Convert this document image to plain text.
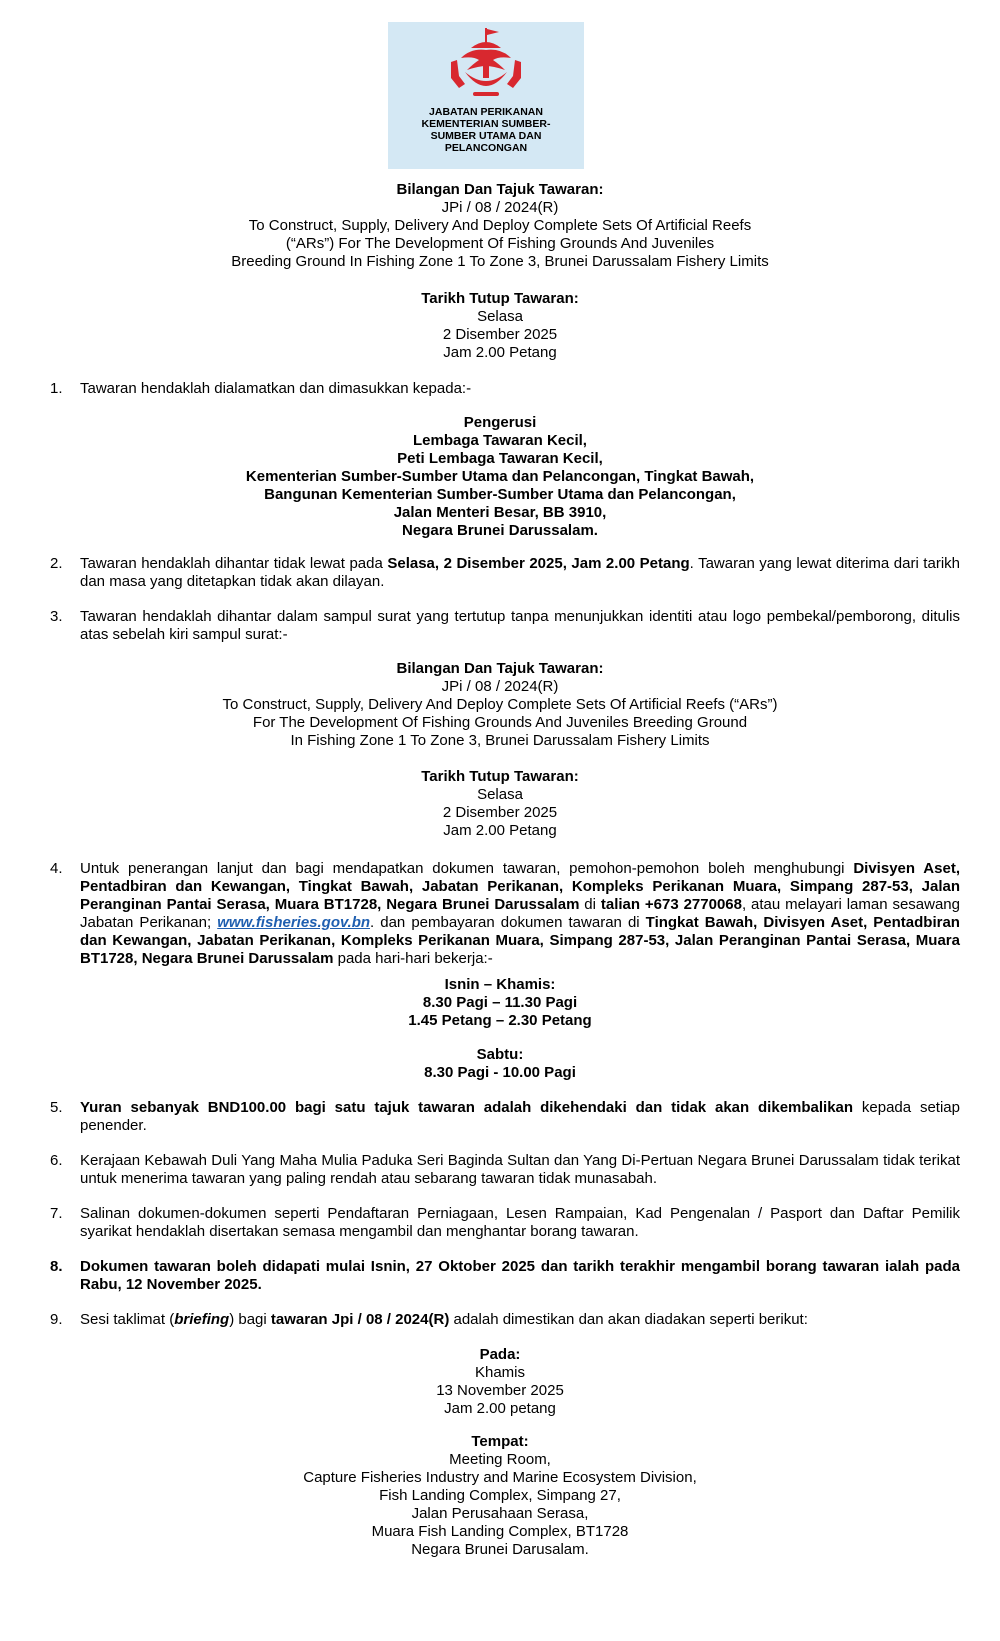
JABATAN PERIKANAN
KEMENTERIAN SUMBER-
SUMBER UTAMA DAN
PELANCONGAN
Bilangan Dan Tajuk Tawaran:
JPi / 08 / 2024(R)
To Construct, Supply, Delivery And Deploy Complete Sets Of Artificial Reefs
(“ARs”) For The Development Of Fishing Grounds And Juveniles
Breeding Ground In Fishing Zone 1 To Zone 3, Brunei Darussalam Fishery Limits
Tarikh Tutup Tawaran:
Selasa
2 Disember 2025
Jam 2.00 Petang
1. Tawaran hendaklah dialamatkan dan dimasukkan kepada:-
Pengerusi
Lembaga Tawaran Kecil,
Peti Lembaga Tawaran Kecil,
Kementerian Sumber-Sumber Utama dan Pelancongan, Tingkat Bawah,
Bangunan Kementerian Sumber-Sumber Utama dan Pelancongan,
Jalan Menteri Besar, BB 3910,
Negara Brunei Darussalam.
2. Tawaran hendaklah dihantar tidak lewat pada Selasa, 2 Disember 2025, Jam 2.00 Petang. Tawaran yang lewat diterima dari tarikh dan masa yang ditetapkan tidak akan dilayan.
3. Tawaran hendaklah dihantar dalam sampul surat yang tertutup tanpa menunjukkan identiti atau logo pembekal/pemborong, ditulis atas sebelah kiri sampul surat:-
Bilangan Dan Tajuk Tawaran:
JPi / 08 / 2024(R)
To Construct, Supply, Delivery And Deploy Complete Sets Of Artificial Reefs (“ARs”)
For The Development Of Fishing Grounds And Juveniles Breeding Ground
In Fishing Zone 1 To Zone 3, Brunei Darussalam Fishery Limits
Tarikh Tutup Tawaran:
Selasa
2 Disember 2025
Jam 2.00 Petang
4. Untuk penerangan lanjut dan bagi mendapatkan dokumen tawaran, pemohon-pemohon boleh menghubungi Divisyen Aset, Pentadbiran dan Kewangan, Tingkat Bawah, Jabatan Perikanan, Kompleks Perikanan Muara, Simpang 287-53, Jalan Peranginan Pantai Serasa, Muara BT1728, Negara Brunei Darussalam di talian +673 2770068, atau melayari laman sesawang Jabatan Perikanan; www.fisheries.gov.bn. dan pembayaran dokumen tawaran di Tingkat Bawah, Divisyen Aset, Pentadbiran dan Kewangan, Jabatan Perikanan, Kompleks Perikanan Muara, Simpang 287-53, Jalan Peranginan Pantai Serasa, Muara BT1728, Negara Brunei Darussalam pada hari-hari bekerja:-
Isnin – Khamis:
8.30 Pagi – 11.30 Pagi
1.45 Petang – 2.30 Petang
Sabtu:
8.30 Pagi - 10.00 Pagi
5. Yuran sebanyak BND100.00 bagi satu tajuk tawaran adalah dikehendaki dan tidak akan dikembalikan kepada setiap penender.
6. Kerajaan Kebawah Duli Yang Maha Mulia Paduka Seri Baginda Sultan dan Yang Di-Pertuan Negara Brunei Darussalam tidak terikat untuk menerima tawaran yang paling rendah atau sebarang tawaran tidak munasabah.
7. Salinan dokumen-dokumen seperti Pendaftaran Perniagaan, Lesen Rampaian, Kad Pengenalan / Pasport dan Daftar Pemilik syarikat hendaklah disertakan semasa mengambil dan menghantar borang tawaran.
8. Dokumen tawaran boleh didapati mulai Isnin, 27 Oktober 2025 dan tarikh terakhir mengambil borang tawaran ialah pada Rabu, 12 November 2025.
9. Sesi taklimat (briefing) bagi tawaran Jpi / 08 / 2024(R) adalah dimestikan dan akan diadakan seperti berikut:
Pada:
Khamis
13 November 2025
Jam 2.00 petang
Tempat:
Meeting Room,
Capture Fisheries Industry and Marine Ecosystem Division,
Fish Landing Complex, Simpang 27,
Jalan Perusahaan Serasa,
Muara Fish Landing Complex, BT1728
Negara Brunei Darusalam.
